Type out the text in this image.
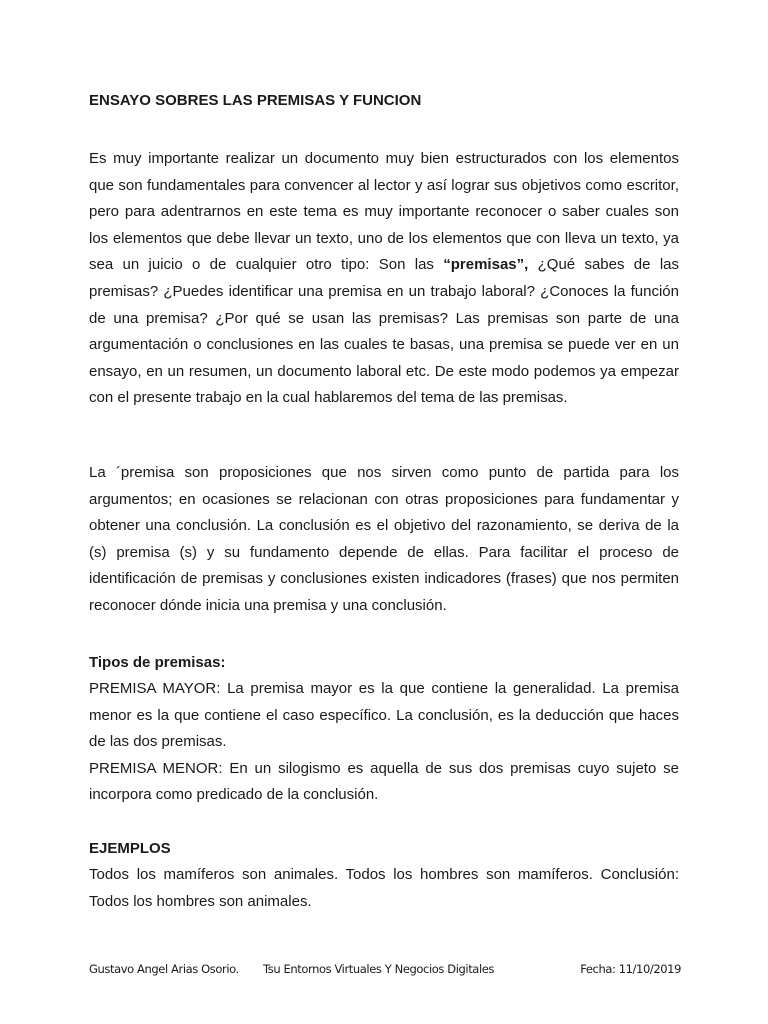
ENSAYO SOBRES LAS PREMISAS Y FUNCION

Es muy importante realizar un documento muy bien estructurados con los elementos que son fundamentales para convencer al lector y así lograr sus objetivos como escritor, pero para adentrarnos en este tema es muy importante reconocer o saber cuales son los elementos que debe llevar un texto, uno de los elementos que con lleva un texto, ya sea un juicio o de cualquier otro tipo: Son las “premisas”, ¿Qué sabes de las premisas? ¿Puedes identificar una premisa en un trabajo laboral? ¿Conoces la función de una premisa? ¿Por qué se usan las premisas? Las premisas son parte de una argumentación o conclusiones en las cuales te basas, una premisa se puede ver en un ensayo, en un resumen, un documento laboral etc. De este modo podemos ya empezar con el presente trabajo en la cual hablaremos del tema de las premisas.

La ´premisa son proposiciones que nos sirven como punto de partida para los argumentos; en ocasiones se relacionan con otras proposiciones para fundamentar y obtener una conclusión. La conclusión es el objetivo del razonamiento, se deriva de la (s) premisa (s) y su fundamento depende de ellas. Para facilitar el proceso de identificación de premisas y conclusiones existen indicadores (frases) que nos permiten reconocer dónde inicia una premisa y una conclusión.

Tipos de premisas:
PREMISA MAYOR: La premisa mayor es la que contiene la generalidad. La premisa menor es la que contiene el caso específico. La conclusión, es la deducción que haces de las dos premisas.
PREMISA MENOR: En un silogismo es aquella de sus dos premisas cuyo sujeto se incorpora como predicado de la conclusión.
EJEMPLOS

Todos los mamíferos son animales. Todos los hombres son mamíferos. Conclusión: Todos los hombres son animales.

Gustavo Angel Arias Osorio. Tsu Entornos Virtuales Y Negocios Digitales	Fecha: 11/10/2019
